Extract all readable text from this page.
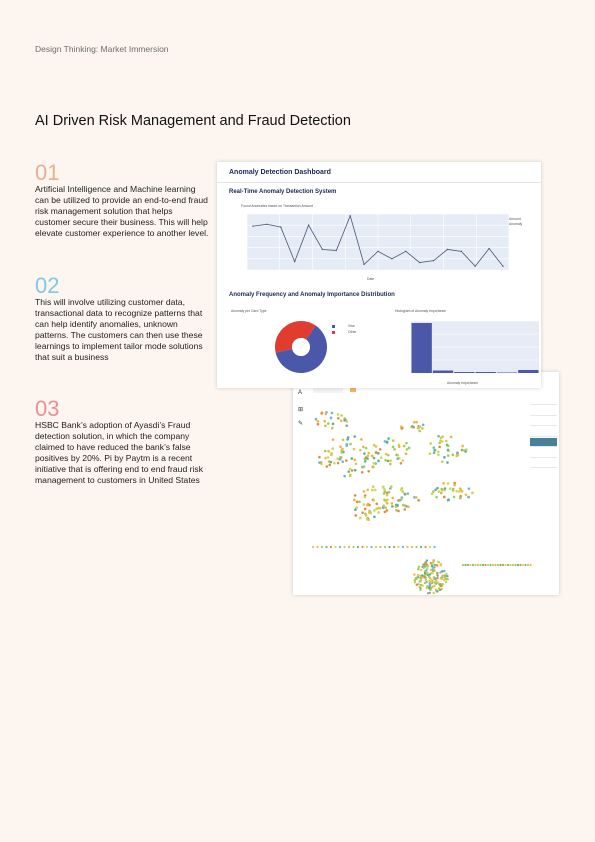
Design Thinking: Market Immersion
AI Driven Risk Management and Fraud Detection
01
Artificial Intelligence and Machine learning can be utilized to provide an end-to-end fraud risk management solution that helps customer secure their business. This will help elevate customer experience to another level.
02
This will involve utilizing customer data, transactional data to recognize patterns that can help identify anomalies, unknown patterns. The customers can then use these learnings to implement tailor mode solutions that suit a business
03
HSBC Bank’s adoption of Ayasdi’s Fraud detection solution, in which the company claimed to have reduced the bank’s false positives by 20%. Pi by Paytm is a recent initiative that is offering end to end fraud risk management to customers in United States
Anomaly Detection Dashboard
Real-Time Anomaly Detection System
Found Anomalies based on Transaction Amount
Date
Amount
Anomaly
Anomaly Frequency and Anomaly Importance Distribution
Anomaly per Card Type
Visa
Other
Histogram of Anomaly Importance
Anomaly Importance
A
⊞
✎
